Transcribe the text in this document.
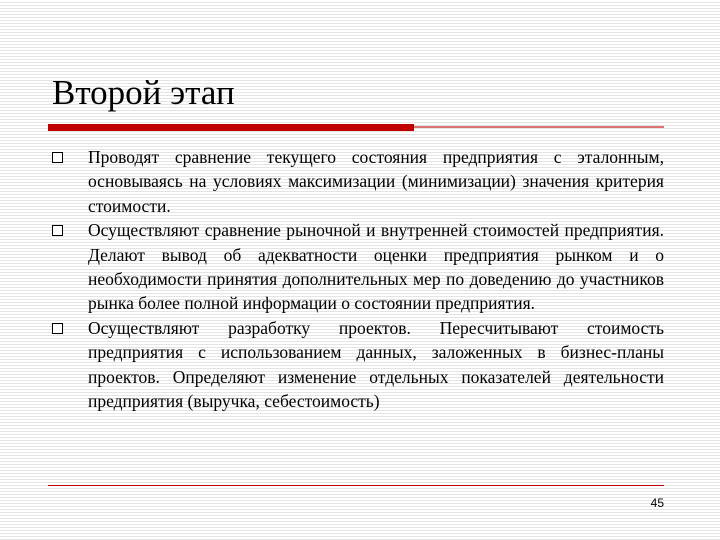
Второй этап
Проводят сравнение текущего состояния предприятия с эталонным, основываясь на условиях максимизации (минимизации) значения критерия стоимости.
Осуществляют сравнение рыночной и внутренней стоимостей предприятия. Делают вывод об адекватности оценки предприятия рынком и о необходимости принятия дополнительных мер по доведению до участников рынка более полной информации о состоянии предприятия.
Осуществляют разработку проектов. Пересчитывают стоимость предприятия с использованием данных, заложенных в бизнес-планы проектов. Определяют изменение отдельных показателей деятельности предприятия (выручка, себестоимость)
45
